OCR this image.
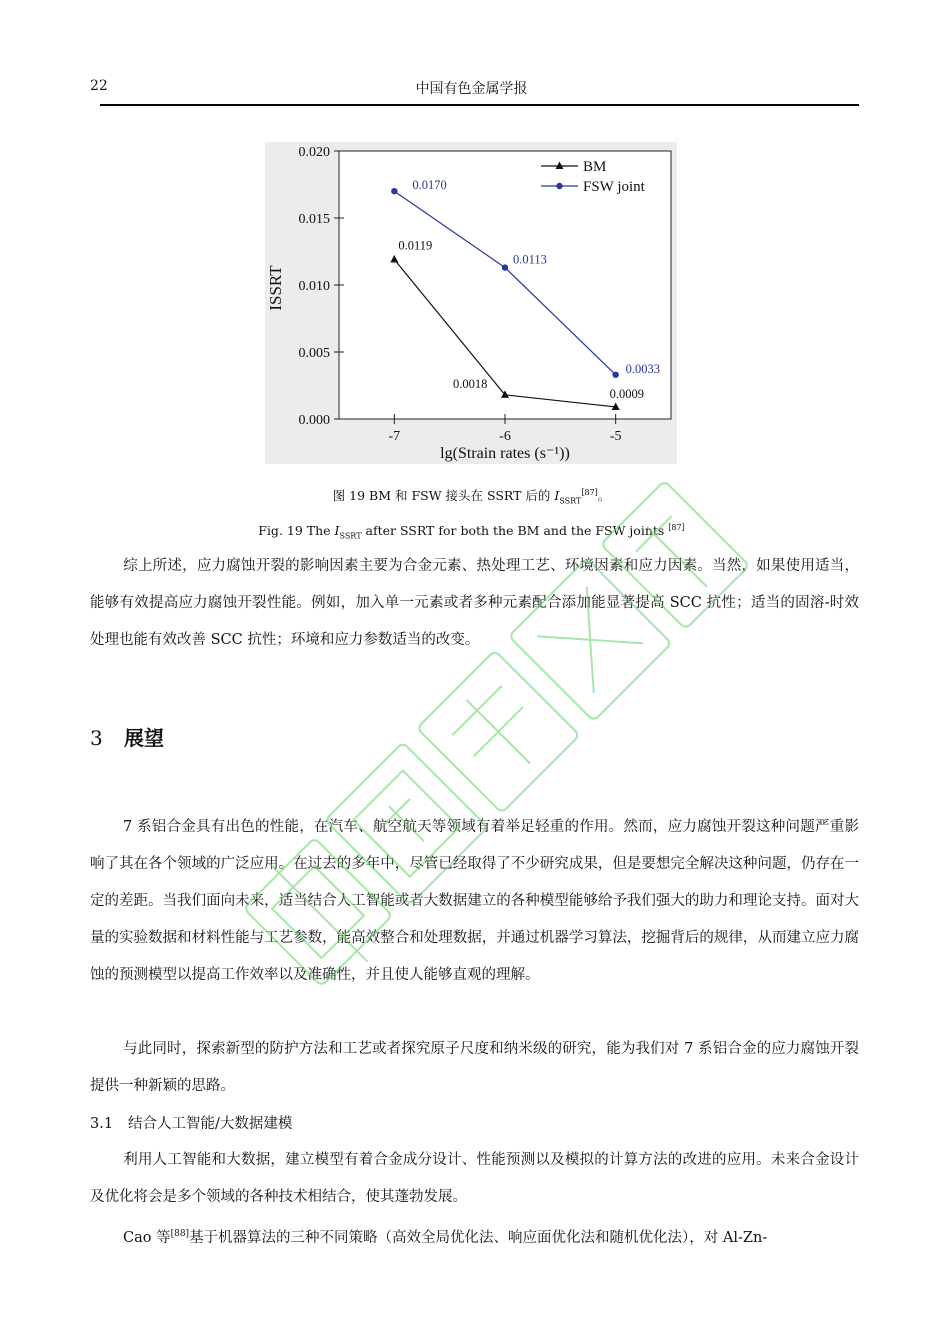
22	中国有色金属学报
0.000
0.005
0.010
0.015
0.020
-7	-6	-5
0.0119
0.0018
0.0009
0.0170
0.0113
0.0033
BM
FSW joint
ISSRT
lg(Strain rates (s⁻¹))
图 19 BM 和 FSW 接头在 SSRT 后的 $I_{SSRT}[87]$。
Fig. 19 The $I_{SSRT}$ after SSRT for both the BM and the FSW joints [87]

综上所述，应力腐蚀开裂的影响因素主要为合金元素、热处理工艺、环境因素和应力因素。当然，如果使用适当，能够有效提高应力腐蚀开裂性能。例如，加入单一元素或者多种元素配合添加能显著提高 SCC 抗性；适当的固溶-时效处理也能有效改善 SCC 抗性；环境和应力参数适当的改变。

3 展望

7 系铝合金具有出色的性能，在汽车、航空航天等领域有着举足轻重的作用。然而，应力腐蚀开裂这种问题严重影响了其在各个领域的广泛应用。在过去的多年中，尽管已经取得了不少研究成果，但是要想完全解决这种问题，仍存在一定的差距。当我们面向未来，适当结合人工智能或者大数据建立的各种模型能够给予我们强大的助力和理论支持。面对大量的实验数据和材料性能与工艺参数，能高效整合和处理数据，并通过机器学习算法，挖掘背后的规律，从而建立应力腐蚀的预测模型以提高工作效率以及准确性，并且使人能够直观的理解。

与此同时，探索新型的防护方法和工艺或者探究原子尺度和纳米级的研究，能为我们对 7 系铝合金的应力腐蚀开裂提供一种新颖的思路。

3.1 结合人工智能/大数据建模

利用人工智能和大数据，建立模型有着合金成分设计、性能预测以及模拟的计算方法的改进的应用。未来合金设计及优化将会是多个领域的各种技术相结合，使其蓬勃发展。

Cao 等[88]基于机器算法的三种不同策略（高效全局优化法、响应面优化法和随机优化法），对 Al-Zn-
